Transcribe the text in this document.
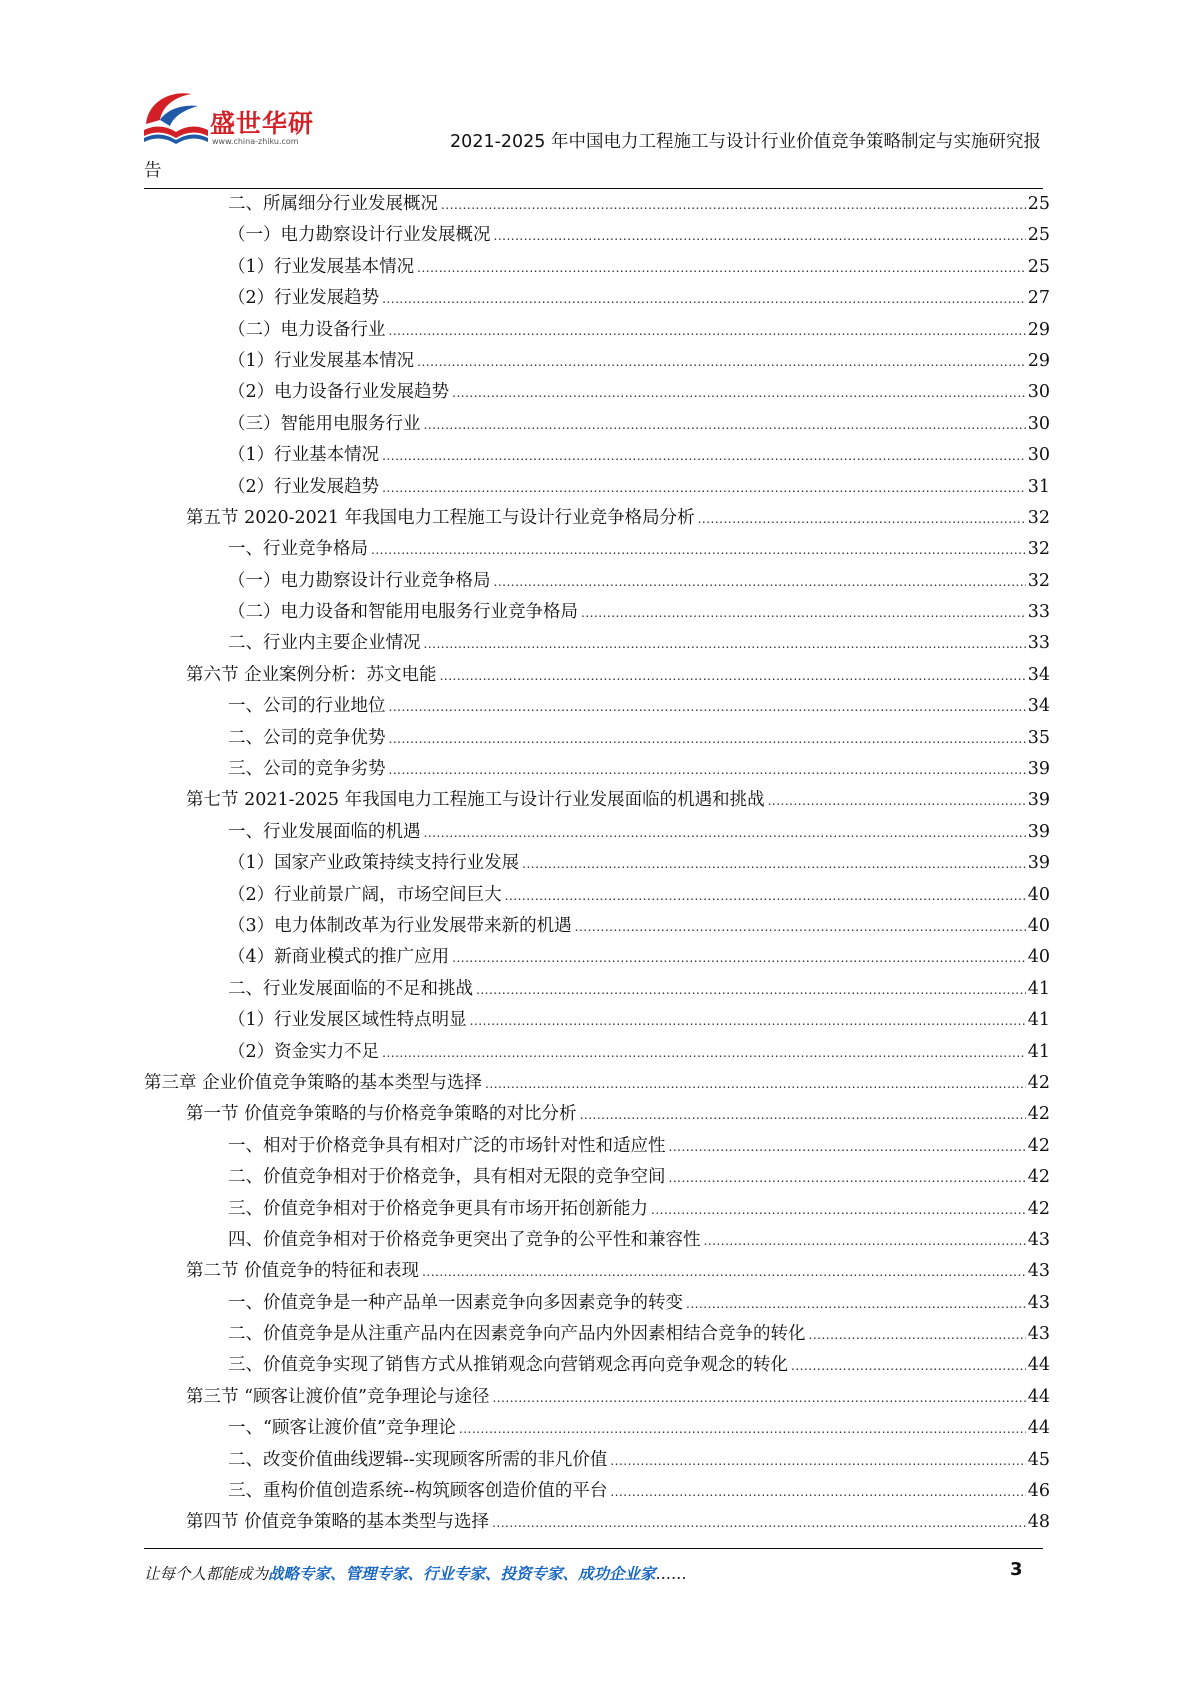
盛世华研
www.china-zhiku.com	2021-2025 年中国电力工程施工与设计行业价值竞争策略制定与实施研究报
告
二、所属细分行业发展概况 .....	25
（一）电力勘察设计行业发展概况 .....	25
（1）行业发展基本情况 .....	25
（2）行业发展趋势 .....	27
（二）电力设备行业 .....	29
（1）行业发展基本情况 .....	29
（2）电力设备行业发展趋势 .....	30
（三）智能用电服务行业 .....	30
（1）行业基本情况 .....	30
（2）行业发展趋势 .....	31
第五节 2020-2021 年我国电力工程施工与设计行业竞争格局分析 .....	32
一、行业竞争格局 .....	32
（一）电力勘察设计行业竞争格局 .....	32
（二）电力设备和智能用电服务行业竞争格局 .....	33
二、行业内主要企业情况 .....	33
第六节 企业案例分析：苏文电能 .....	34
一、公司的行业地位 .....	34
二、公司的竞争优势 .....	35
三、公司的竞争劣势 .....	39
第七节 2021-2025 年我国电力工程施工与设计行业发展面临的机遇和挑战 .....	39
一、行业发展面临的机遇 .....	39
（1）国家产业政策持续支持行业发展 .....	39
（2）行业前景广阔，市场空间巨大 .....	40
（3）电力体制改革为行业发展带来新的机遇 .....	40
（4）新商业模式的推广应用 .....	40
二、行业发展面临的不足和挑战 .....	41
（1）行业发展区域性特点明显 .....	41
（2）资金实力不足 .....	41
第三章 企业价值竞争策略的基本类型与选择 .....	42
第一节 价值竞争策略的与价格竞争策略的对比分析 .....	42
一、相对于价格竞争具有相对广泛的市场针对性和适应性 .....	42
二、价值竞争相对于价格竞争，具有相对无限的竞争空间 .....	42
三、价值竞争相对于价格竞争更具有市场开拓创新能力 .....	42
四、价值竞争相对于价格竞争更突出了竞争的公平性和兼容性 .....	43
第二节 价值竞争的特征和表现 .....	43
一、价值竞争是一种产品单一因素竞争向多因素竞争的转变 .....	43
二、价值竞争是从注重产品内在因素竞争向产品内外因素相结合竞争的转化 .....	43
三、价值竞争实现了销售方式从推销观念向营销观念再向竞争观念的转化 .....	44
第三节 “顾客让渡价值”竞争理论与途径 .....	44
一、“顾客让渡价值”竞争理论 .....	44
二、改变价值曲线逻辑--实现顾客所需的非凡价值 .....	45
三、重构价值创造系统--构筑顾客创造价值的平台 .....	46
第四节 价值竞争策略的基本类型与选择 .....	48
让每个人都能成为战略专家、管理专家、行业专家、投资专家、成功企业家……	3
